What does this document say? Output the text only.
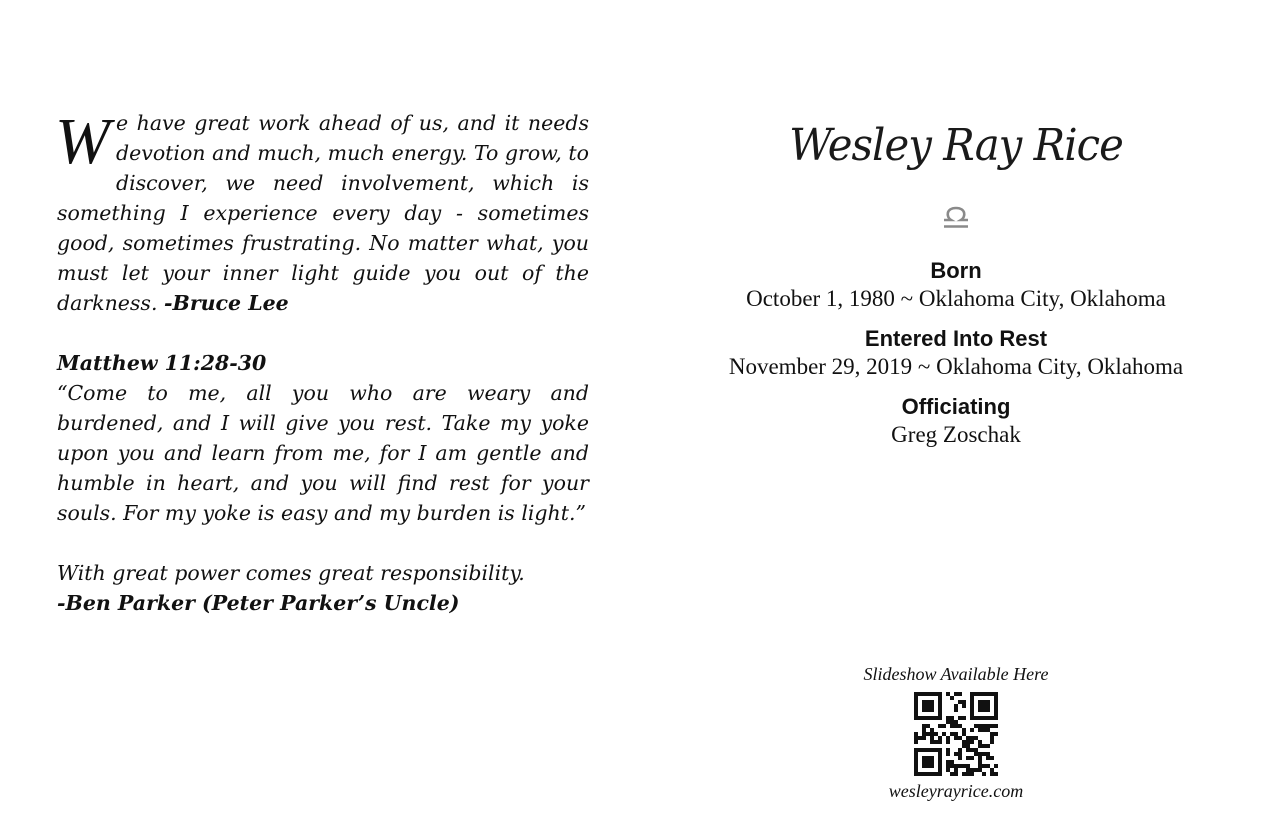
We have great work ahead of us, and it needs devotion and much, much energy. To grow, to discover, we need involvement, which is something I experience every day - sometimes good, sometimes frustrating. No matter what, you must let your inner light guide you out of the darkness. -Bruce Lee

Matthew 11:28-30

“Come to me, all you who are weary and burdened, and I will give you rest. Take my yoke upon you and learn from me, for I am gentle and humble in heart, and you will find rest for your souls. For my yoke is easy and my burden is light.”

With great power comes great responsibility.
-Ben Parker (Peter Parker’s Uncle)
Wesley Ray Rice
Born
October 1, 1980 ~ Oklahoma City, Oklahoma
Entered Into Rest
November 29, 2019 ~ Oklahoma City, Oklahoma
Officiating
Greg Zoschak
Slideshow Available Here
wesleyrayrice.com
